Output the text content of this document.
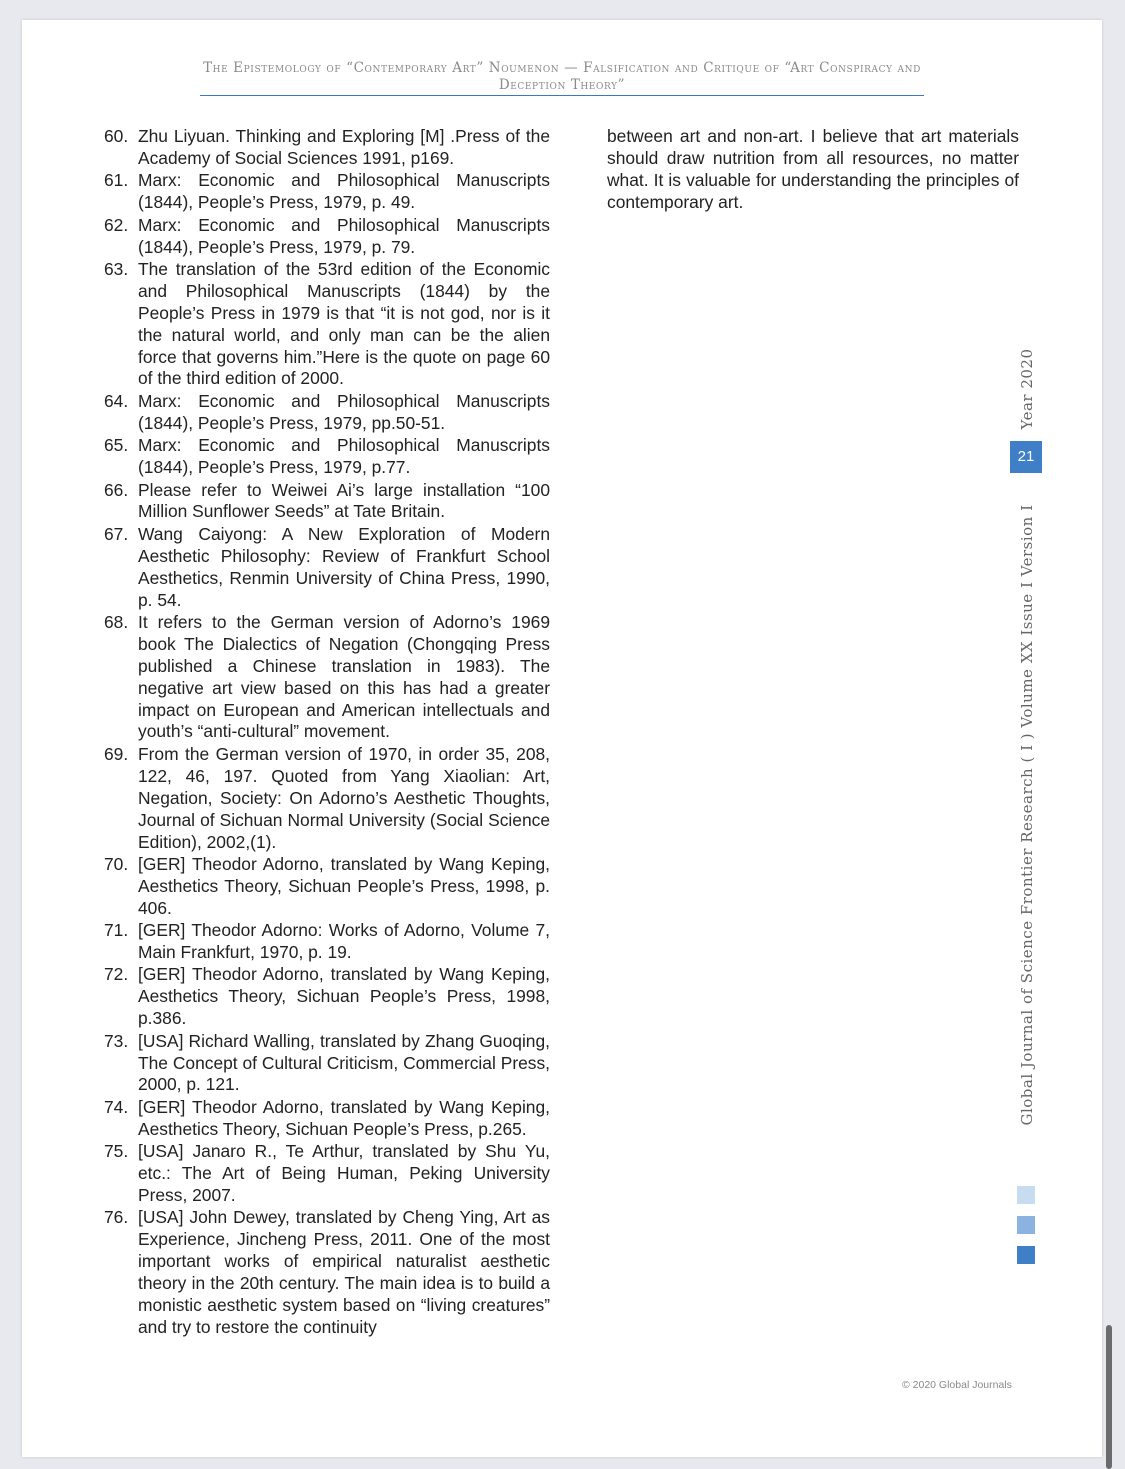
The Epistemology of “Contemporary Art” Noumenon — Falsification and Critique of “Art Conspiracy and
Deception Theory”
60. Zhu Liyuan. Thinking and Exploring [M] .Press of the Academy of Social Sciences 1991, p169.
61. Marx: Economic and Philosophical Manuscripts (1844), People’s Press, 1979, p. 49.
62. Marx: Economic and Philosophical Manuscripts (1844), People’s Press, 1979, p. 79.
63. The translation of the 53rd edition of the Economic and Philosophical Manuscripts (1844) by the People’s Press in 1979 is that “it is not god, nor is it the natural world, and only man can be the alien force that governs him.”Here is the quote on page 60 of the third edition of 2000.
64. Marx: Economic and Philosophical Manuscripts (1844), People’s Press, 1979, pp.50-51.
65. Marx: Economic and Philosophical Manuscripts (1844), People’s Press, 1979, p.77.
66. Please refer to Weiwei Ai’s large installation “100 Million Sunflower Seeds” at Tate Britain.
67. Wang Caiyong: A New Exploration of Modern Aesthetic Philosophy: Review of Frankfurt School Aesthetics, Renmin University of China Press, 1990, p. 54.
68. It refers to the German version of Adorno’s 1969 book The Dialectics of Negation (Chongqing Press published a Chinese translation in 1983). The negative art view based on this has had a greater impact on European and American intellectuals and youth’s “anti-cultural” movement.
69. From the German version of 1970, in order 35, 208, 122, 46, 197. Quoted from Yang Xiaolian: Art, Negation, Society: On Adorno’s Aesthetic Thoughts, Journal of Sichuan Normal University (Social Science Edition), 2002,(1).
70. [GER] Theodor Adorno, translated by Wang Keping, Aesthetics Theory, Sichuan People’s Press, 1998, p. 406.
71. [GER] Theodor Adorno: Works of Adorno, Volume 7, Main Frankfurt, 1970, p. 19.
72. [GER] Theodor Adorno, translated by Wang Keping, Aesthetics Theory, Sichuan People’s Press, 1998, p.386.
73. [USA] Richard Walling, translated by Zhang Guoqing, The Concept of Cultural Criticism, Commercial Press, 2000, p. 121.
74. [GER] Theodor Adorno, translated by Wang Keping, Aesthetics Theory, Sichuan People’s Press, p.265.
75. [USA] Janaro R., Te Arthur, translated by Shu Yu, etc.: The Art of Being Human, Peking University Press, 2007.
76. [USA] John Dewey, translated by Cheng Ying, Art as Experience, Jincheng Press, 2011. One of the most important works of empirical naturalist aesthetic theory in the 20th century. The main idea is to build a monistic aesthetic system based on “living creatures” and try to restore the continuity
between art and non-art. I believe that art materials should draw nutrition from all resources, no matter what. It is valuable for understanding the principles of contemporary art.
© 2020 Global Journals
Year 2020
Global Journal of Science Frontier Research ( I ) Volume XX Issue I Version I
21
